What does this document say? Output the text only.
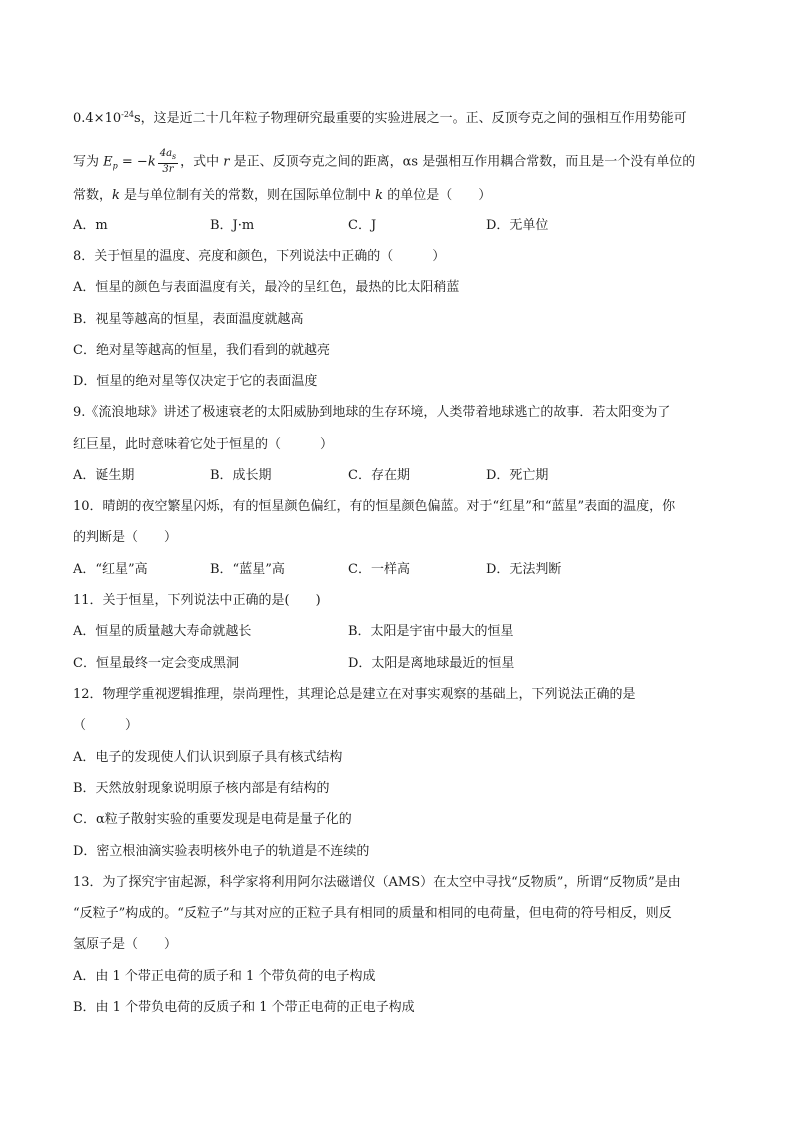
$0.4\times 10^{-24}s$，这是近二十几年粒子物理研究最重要的实验进展之一。正、反顶夸克之间的强相互作用势能可
写为 $E_p = -k \frac{4a_s}{3r}$ ，式中 r 是正、反顶夸克之间的距离，αs 是强相互作用耦合常数，而且是一个没有单位的
常数，k 是与单位制有关的常数，则在国际单位制中 k 的单位是（　　）
A．m	B．J·m	C．J	D．无单位
8．关于恒星的温度、亮度和颜色，下列说法中正确的（　　　）
A．恒星的颜色与表面温度有关，最冷的呈红色，最热的比太阳稍蓝
B．视星等越高的恒星，表面温度就越高
C．绝对星等越高的恒星，我们看到的就越亮
D．恒星的绝对星等仅决定于它的表面温度
9.《流浪地球》讲述了极速衰老的太阳威胁到地球的生存环境，人类带着地球逃亡的故事．若太阳变为了
红巨星，此时意味着它处于恒星的（　　　）
A．诞生期	B．成长期	C．存在期	D．死亡期
10．晴朗的夜空繁星闪烁，有的恒星颜色偏红，有的恒星颜色偏蓝。对于“红星”和“蓝星”表面的温度，你
的判断是（　　）
A．“红星”高	B．“蓝星”高	C．一样高	D．无法判断
11．关于恒星，下列说法中正确的是(　　)
A．恒星的质量越大寿命就越长	B．太阳是宇宙中最大的恒星
C．恒星最终一定会变成黑洞	D．太阳是离地球最近的恒星
12．物理学重视逻辑推理，崇尚理性，其理论总是建立在对事实观察的基础上，下列说法正确的是
（　　　）
A．电子的发现使人们认识到原子具有核式结构
B．天然放射现象说明原子核内部是有结构的
C．α粒子散射实验的重要发现是电荷是量子化的
D．密立根油滴实验表明核外电子的轨道是不连续的
13．为了探究宇宙起源，科学家将利用阿尔法磁谱仪（AMS）在太空中寻找“反物质”，所谓“反物质”是由
“反粒子”构成的。“反粒子”与其对应的正粒子具有相同的质量和相同的电荷量，但电荷的符号相反，则反
氢原子是（　　）
A．由 1 个带正电荷的质子和 1 个带负荷的电子构成
B．由 1 个带负电荷的反质子和 1 个带正电荷的正电子构成
